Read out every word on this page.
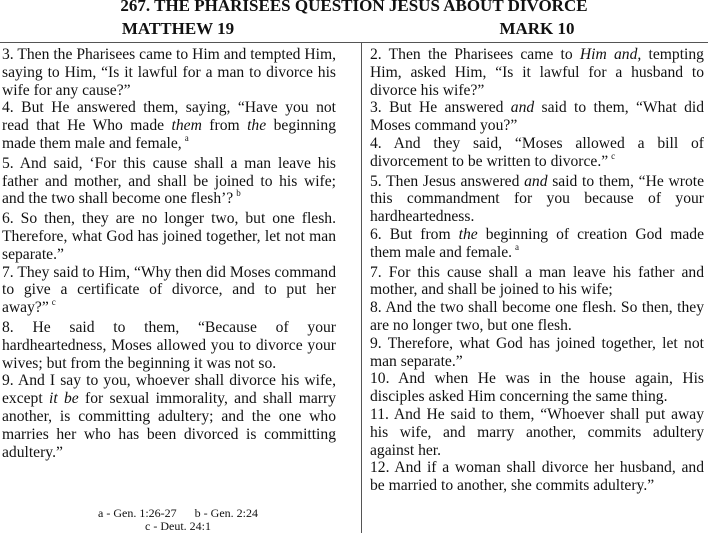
267. THE PHARISEES QUESTION JESUS ABOUT DIVORCE
MATTHEW 19	MARK 10

3. Then the Pharisees came to Him and tempted Him, saying to Him, “Is it lawful for a man to divorce his wife for any cause?”

4. But He answered them, saying, “Have you not read that He Who made them from the beginning made them male and female, $^a$

5. And said, ‘For this cause shall a man leave his father and mother, and shall be joined to his wife; and the two shall become one flesh’? $^b$

6. So then, they are no longer two, but one flesh. Therefore, what God has joined together, let not man separate.”

7. They said to Him, “Why then did Moses command to give a certificate of divorce, and to put her away?” $^c$

8. He said to them, “Because of your hardheartedness, Moses allowed you to divorce your wives; but from the beginning it was not so.

9. And I say to you, whoever shall divorce his wife, except it be for sexual immorality, and shall marry another, is committing adultery; and the one who marries her who has been divorced is committing adultery.”

a - Gen. 1:26-27 b - Gen. 2:24
c - Deut. 24:1

2. Then the Pharisees came to Him and, tempting Him, asked Him, “Is it lawful for a husband to divorce his wife?”

3. But He answered and said to them, “What did Moses command you?”

4. And they said, “Moses allowed a bill of divorcement to be written to divorce.” $^c$

5. Then Jesus answered and said to them, “He wrote this commandment for you because of your hardheartedness.

6. But from the beginning of creation God made them male and female. $^a$

7. For this cause shall a man leave his father and mother, and shall be joined to his wife;

8. And the two shall become one flesh. So then, they are no longer two, but one flesh.

9. Therefore, what God has joined together, let not man separate.”

10. And when He was in the house again, His disciples asked Him concerning the same thing.

11. And He said to them, “Whoever shall put away his wife, and marry another, commits adultery against her.

12. And if a woman shall divorce her husband, and be married to another, she commits adultery.”
